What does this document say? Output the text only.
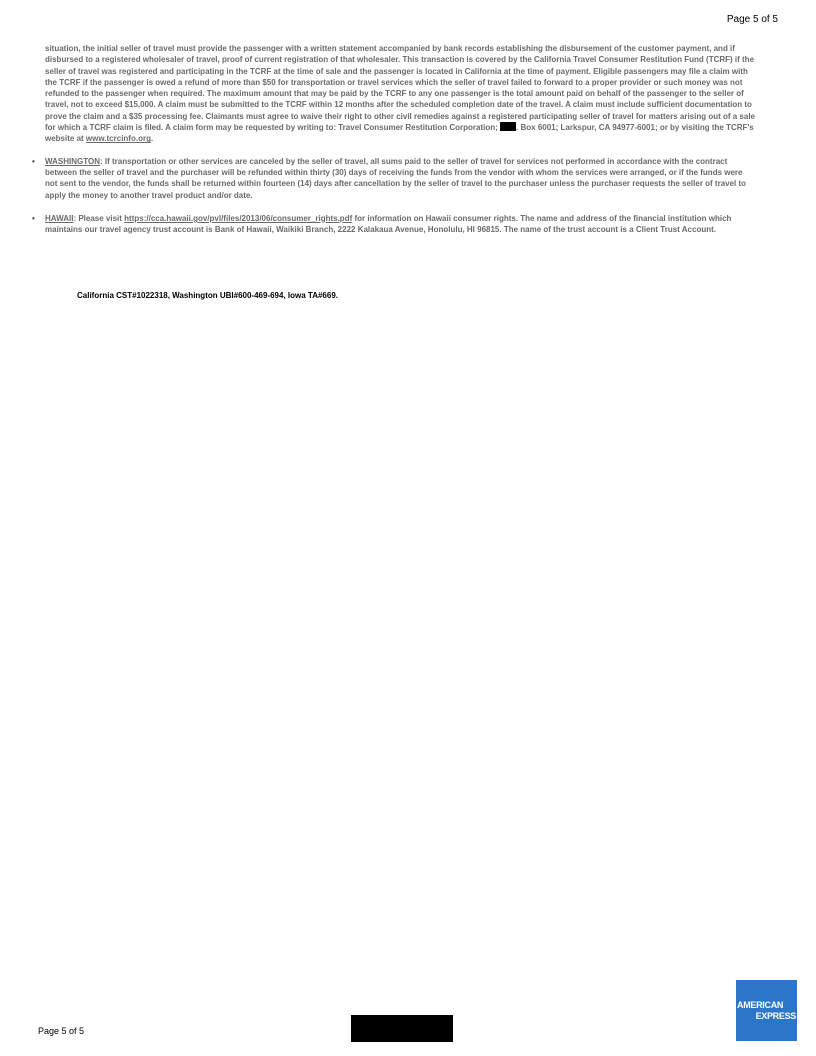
Page 5 of 5

situation, the initial seller of travel must provide the passenger with a written statement accompanied by bank records establishing the disbursement of the customer payment, and if disbursed to a registered wholesaler of travel, proof of current registration of that wholesaler. This transaction is covered by the California Travel Consumer Restitution Fund (TCRF) if the seller of travel was registered and participating in the TCRF at the time of sale and the passenger is located in California at the time of payment. Eligible passengers may file a claim with the TCRF if the passenger is owed a refund of more than $50 for transportation or travel services which the seller of travel failed to forward to a proper provider or such money was not refunded to the passenger when required. The maximum amount that may be paid by the TCRF to any one passenger is the total amount paid on behalf of the passenger to the seller of travel, not to exceed $15,000. A claim must be submitted to the TCRF within 12 months after the scheduled completion date of the travel. A claim must include sufficient documentation to prove the claim and a $35 processing fee. Claimants must agree to waive their right to other civil remedies against a registered participating seller of travel for matters arising out of a sale for which a TCRF claim is filed. A claim form may be requested by writing to: Travel Consumer Restitution Corporation; . Box 6001; Larkspur, CA 94977-6001; or by visiting the TCRF’s website at www.tcrcinfo.org.

• WASHINGTON: If transportation or other services are canceled by the seller of travel, all sums paid to the seller of travel for services not performed in accordance with the contract between the seller of travel and the purchaser will be refunded within thirty (30) days of receiving the funds from the vendor with whom the services were arranged, or if the funds were not sent to the vendor, the funds shall be returned within fourteen (14) days after cancellation by the seller of travel to the purchaser unless the purchaser requests the seller of travel to apply the money to another travel product and/or date.
• HAWAII: Please visit https://cca.hawaii.gov/pvl/files/2013/06/consumer_rights.pdf for information on Hawaii consumer rights. The name and address of the financial institution which maintains our travel agency trust account is Bank of Hawaii, Waikiki Branch, 2222 Kalakaua Avenue, Honolulu, HI 96815. The name of the trust account is a Client Trust Account.
California CST#1022318, Washington UBI#600-469-694, Iowa TA#669.
Page 5 of 5
AMERICAN
EXPRESS
